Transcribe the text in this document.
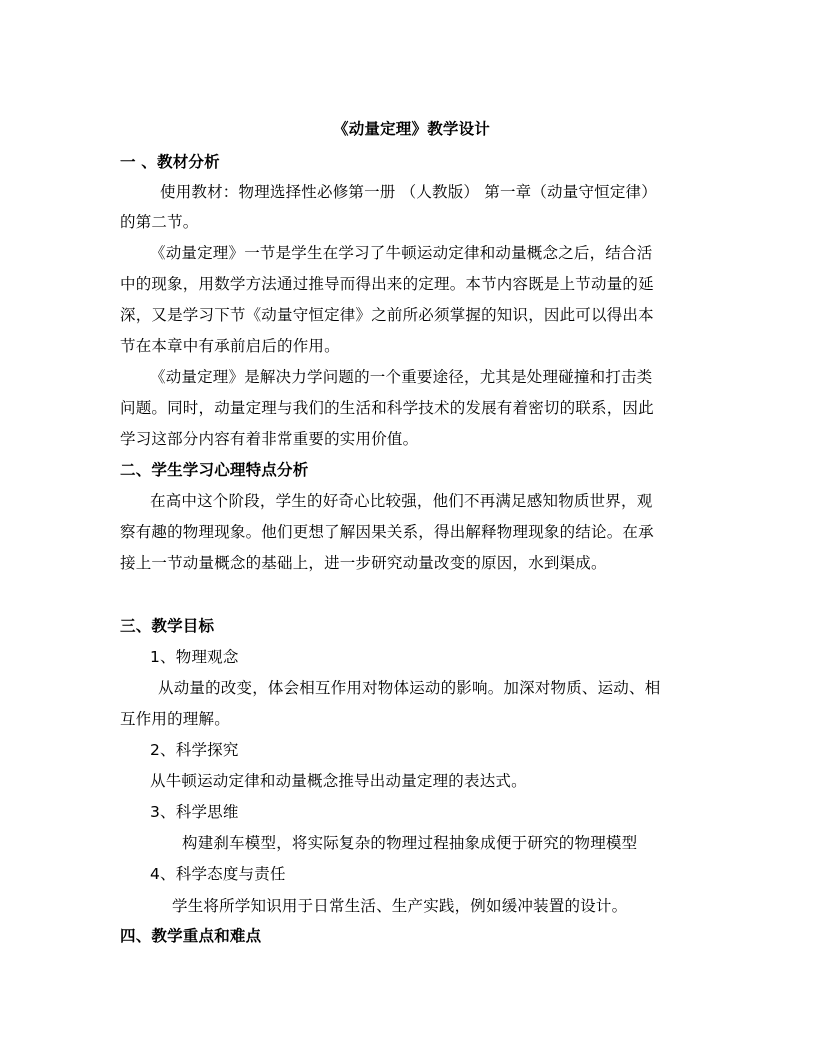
《动量定理》教学设计
一 、教材分析
使用教材：物理选择性必修第一册 （人教版） 第一章（动量守恒定律）
的第二节。
《动量定理》一节是学生在学习了牛顿运动定律和动量概念之后，结合活
中的现象，用数学方法通过推导而得出来的定理。本节内容既是上节动量的延
深，又是学习下节《动量守恒定律》之前所必须掌握的知识，因此可以得出本
节在本章中有承前启后的作用。
《动量定理》是解决力学问题的一个重要途径，尤其是处理碰撞和打击类
问题。同时，动量定理与我们的生活和科学技术的发展有着密切的联系，因此
学习这部分内容有着非常重要的实用价值。
二、学生学习心理特点分析
在高中这个阶段，学生的好奇心比较强，他们不再满足感知物质世界，观
察有趣的物理现象。他们更想了解因果关系，得出解释物理现象的结论。在承
接上一节动量概念的基础上，进一步研究动量改变的原因，水到渠成。
三、教学目标
1、物理观念
从动量的改变，体会相互作用对物体运动的影响。加深对物质、运动、相
互作用的理解。
2、科学探究
从牛顿运动定律和动量概念推导出动量定理的表达式。
3、科学思维
构建刹车模型，将实际复杂的物理过程抽象成便于研究的物理模型
4、科学态度与责任
学生将所学知识用于日常生活、生产实践，例如缓冲装置的设计。
四、教学重点和难点
